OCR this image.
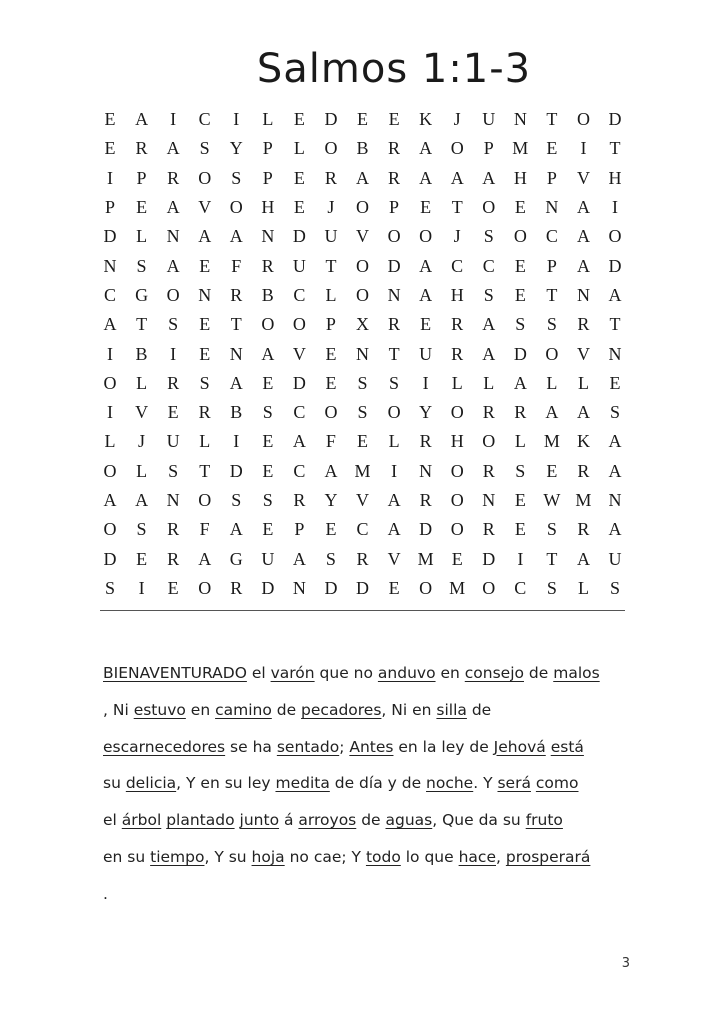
Salmos 1:1-3
E A	I	C	I	L E D E E K	J	U N T O D
E R A S Y P L O B R A O P M E	I	T
I	P R O S P E R A R A A A H P V H
P E A V O H E	J	O P E T O E N A	I
D L N A A N D U V O O	J	S O C A O
N S A E F R U T O D A C C E P A D
C G O N R B C L O N A H S E T N A
A T S E T O O P X R E R A S S R T
I	B	I	E N A V E N T U R A D O V N
O L R S A E D E S S	I	L L A L L E
I	V E R B S C O S O Y O R R A A S
L	J	U L	I	E A F E L R H O L M K A
O L S T D E C A M	I	N O R S E R A
A A N O S S R Y V A R O N E W M N
O S R F A E P E C A D O R E S R A
D E R A G U A S R V M E D	I	T A U
S	I	E O R D N D D E O M O C S L S
BIENAVENTURADO el varón que no anduvo en consejo de malos
, Ni estuvo en camino de pecadores, Ni en silla de
escarnecedores se ha sentado; Antes en la ley de Jehová está
su delicia, Y en su ley medita de día y de noche. Y será como
el árbol plantado junto á arroyos de aguas, Que da su fruto
en su tiempo, Y su hoja no cae; Y todo lo que hace, prosperará
.
3
